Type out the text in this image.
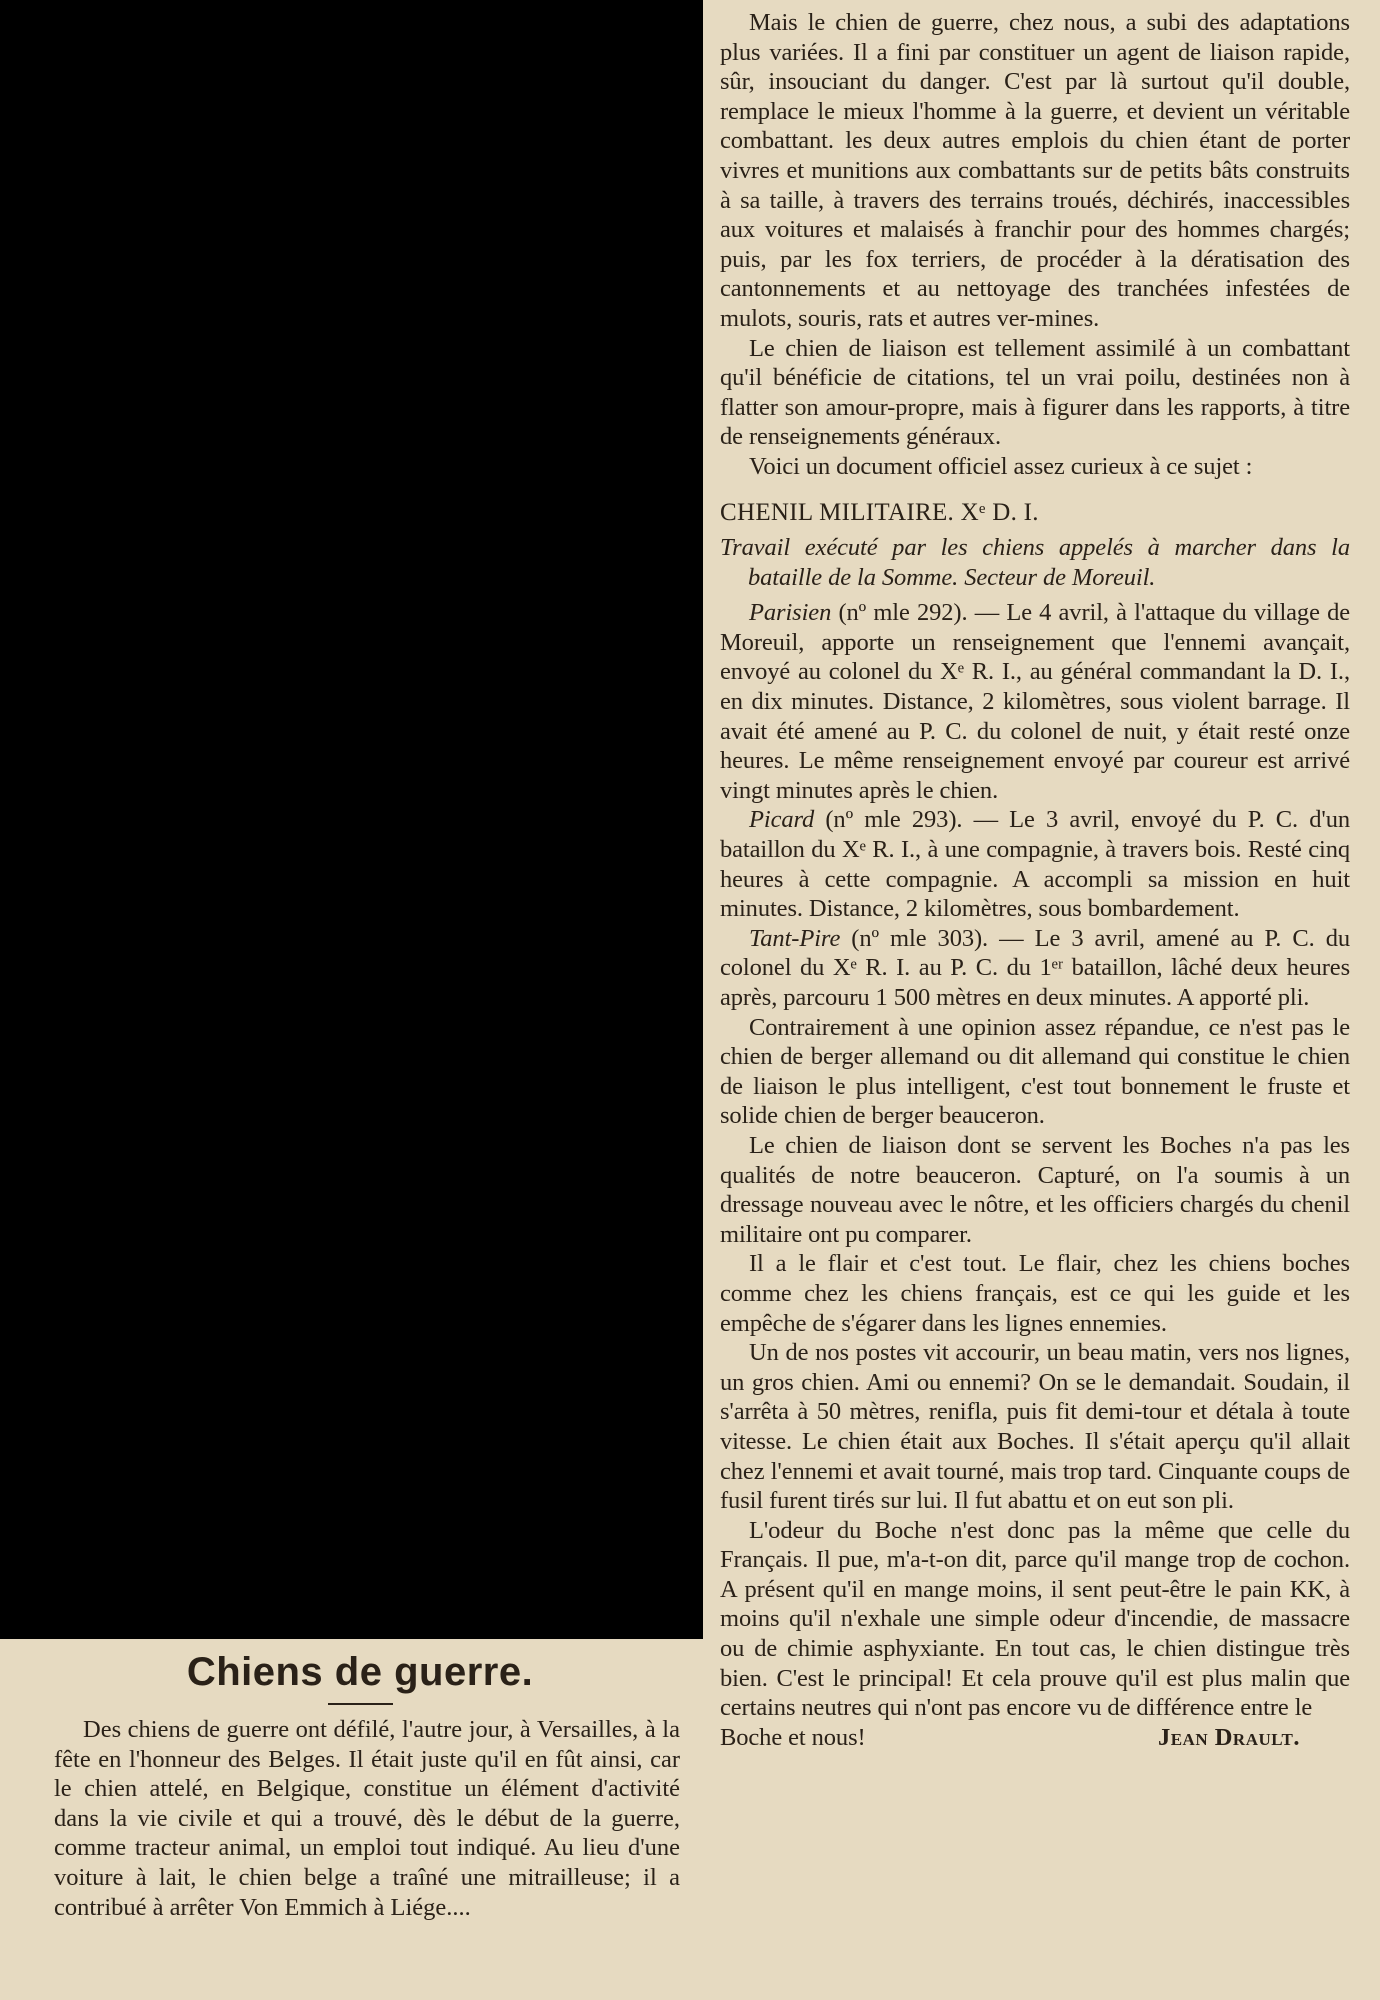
Mais le chien de guerre, chez nous, a subi des adaptations plus variées. Il a fini par constituer un agent de liaison rapide, sûr, insouciant du danger. C'est par là surtout qu'il double, remplace le mieux l'homme à la guerre, et devient un véritable combattant. les deux autres emplois du chien étant de porter vivres et munitions aux combattants sur de petits bâts construits à sa taille, à travers des terrains troués, déchirés, inaccessibles aux voitures et malaisés à franchir pour des hommes chargés; puis, par les fox terriers, de procéder à la dératisation des cantonnements et au nettoyage des tranchées infestées de mulots, souris, rats et autres ver-mines.

Le chien de liaison est tellement assimilé à un combattant qu'il bénéficie de citations, tel un vrai poilu, destinées non à flatter son amour-propre, mais à figurer dans les rapports, à titre de renseignements généraux.

Voici un document officiel assez curieux à ce sujet :

CHENIL MILITAIRE. Xᵉ D. I.

Travail exécuté par les chiens appelés à marcher dans la bataille de la Somme. Secteur de Moreuil.

Parisien (nº mle 292). — Le 4 avril, à l'attaque du village de Moreuil, apporte un renseignement que l'ennemi avançait, envoyé au colonel du Xᵉ R. I., au général commandant la D. I., en dix minutes. Distance, 2 kilomètres, sous violent barrage. Il avait été amené au P. C. du colonel de nuit, y était resté onze heures. Le même renseignement envoyé par coureur est arrivé vingt minutes après le chien.

Picard (nº mle 293). — Le 3 avril, envoyé du P. C. d'un bataillon du Xᵉ R. I., à une compagnie, à travers bois. Resté cinq heures à cette compagnie. A accompli sa mission en huit minutes. Distance, 2 kilomètres, sous bombardement.

Tant-Pire (nº mle 303). — Le 3 avril, amené au P. C. du colonel du Xᵉ R. I. au P. C. du 1ᵉʳ bataillon, lâché deux heures après, parcouru 1 500 mètres en deux minutes. A apporté pli.

Contrairement à une opinion assez répandue, ce n'est pas le chien de berger allemand ou dit allemand qui constitue le chien de liaison le plus intelligent, c'est tout bonnement le fruste et solide chien de berger beauceron.

Le chien de liaison dont se servent les Boches n'a pas les qualités de notre beauceron. Capturé, on l'a soumis à un dressage nouveau avec le nôtre, et les officiers chargés du chenil militaire ont pu comparer.

Il a le flair et c'est tout. Le flair, chez les chiens boches comme chez les chiens français, est ce qui les guide et les empêche de s'égarer dans les lignes ennemies.

Un de nos postes vit accourir, un beau matin, vers nos lignes, un gros chien. Ami ou ennemi? On se le demandait. Soudain, il s'arrêta à 50 mètres, renifla, puis fit demi-tour et détala à toute vitesse. Le chien était aux Boches. Il s'était aperçu qu'il allait chez l'ennemi et avait tourné, mais trop tard. Cinquante coups de fusil furent tirés sur lui. Il fut abattu et on eut son pli.

L'odeur du Boche n'est donc pas la même que celle du Français. Il pue, m'a-t-on dit, parce qu'il mange trop de cochon. A présent qu'il en mange moins, il sent peut-être le pain KK, à moins qu'il n'exhale une simple odeur d'incendie, de massacre ou de chimie asphyxiante. En tout cas, le chien distingue très bien. C'est le principal! Et cela prouve qu'il est plus malin que certains neutres qui n'ont pas encore vu de différence entre le

Boche et nous!	Jean Drault.

Chiens de guerre.

Des chiens de guerre ont défilé, l'autre jour, à Versailles, à la fête en l'honneur des Belges. Il était juste qu'il en fût ainsi, car le chien attelé, en Belgique, constitue un élément d'activité dans la vie civile et qui a trouvé, dès le début de la guerre, comme tracteur animal, un emploi tout indiqué. Au lieu d'une voiture à lait, le chien belge a traîné une mitrailleuse; il a contribué à arrêter Von Emmich à Liége....
